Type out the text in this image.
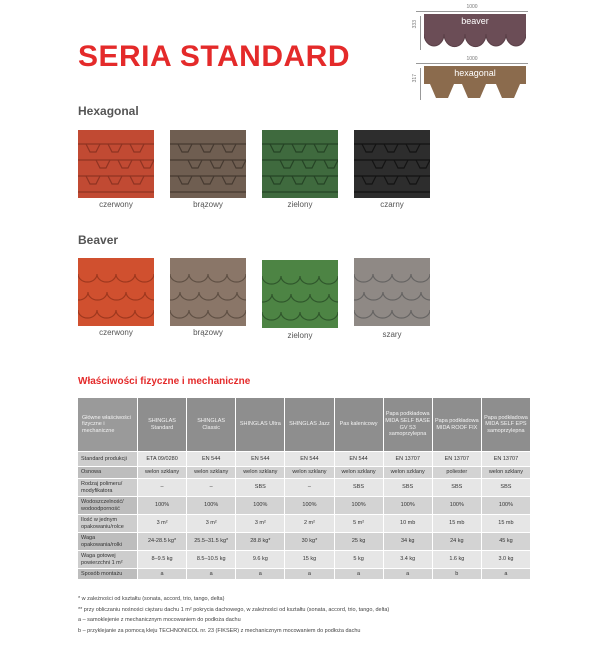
SERIA STANDARD
1000
333	beaver
1000
317
hexagonal
Hexagonal
czerwony	brązowy	zielony	czarny
Beaver
czerwony	brązowy	zielony	szary
Właściwości fizyczne i mechaniczne
Główne właściwości fizyczne i mechaniczne	SHINGLAS Standard	SHINGLAS Classic	SHINGLAS Ultra	SHINGLAS Jazz	Pas kalenicowy	Papa podkładowa MIDA SELF BASE GV S3 samoprzylepna	Papa podkładowa MIDA ROOF FIX	Papa podkładowa MIDA SELF EPS samoprzylepna
Standard produkcji	ETA 09/0280	EN 544	EN 544	EN 544	EN 544	EN 13707	EN 13707	EN 13707
Osnowa	welon szklany	welon szklany	welon szklany	welon szklany	welon szklany	welon szklany	poliester	welon szklany
Rodzaj polimeru/ modyfikatora	–	–	SBS	–	SBS	SBS	SBS	SBS
Wodoszczelność/ wodoodporność	100%	100%	100%	100%	100%	100%	100%	100%
Ilość w jednym opakowaniu/rolce	3 m²	3 m²	3 m²	2 m²	5 m²	10 mb	15 mb	15 mb
Waga opakowania/rolki	24-28.5 kg*	25.5–31.5 kg*	28.8 kg*	30 kg*	25 kg	34 kg	24 kg	45 kg
Waga gotowej powierzchni 1 m²	8–9.5 kg	8.5–10.5 kg	9.6 kg	15 kg	5 kg	3.4 kg	1.6 kg	3.0 kg
Sposób montażu	a	a	a	a	a	a	b	a
* w zależności od kształtu (sonata, accord, trio, tango, delta)
** przy obliczaniu nośności ciężaru dachu 1 m² pokrycia dachowego, w zależności od kształtu (sonata, accord, trio, tango, delta)
a – samoklejenie z mechanicznym mocowaniem do podłoża dachu
b – przyklejanie za pomocą kleju TECHNONICOL nr. 23 (FIKSER) z mechanicznym mocowaniem do podłoża dachu
